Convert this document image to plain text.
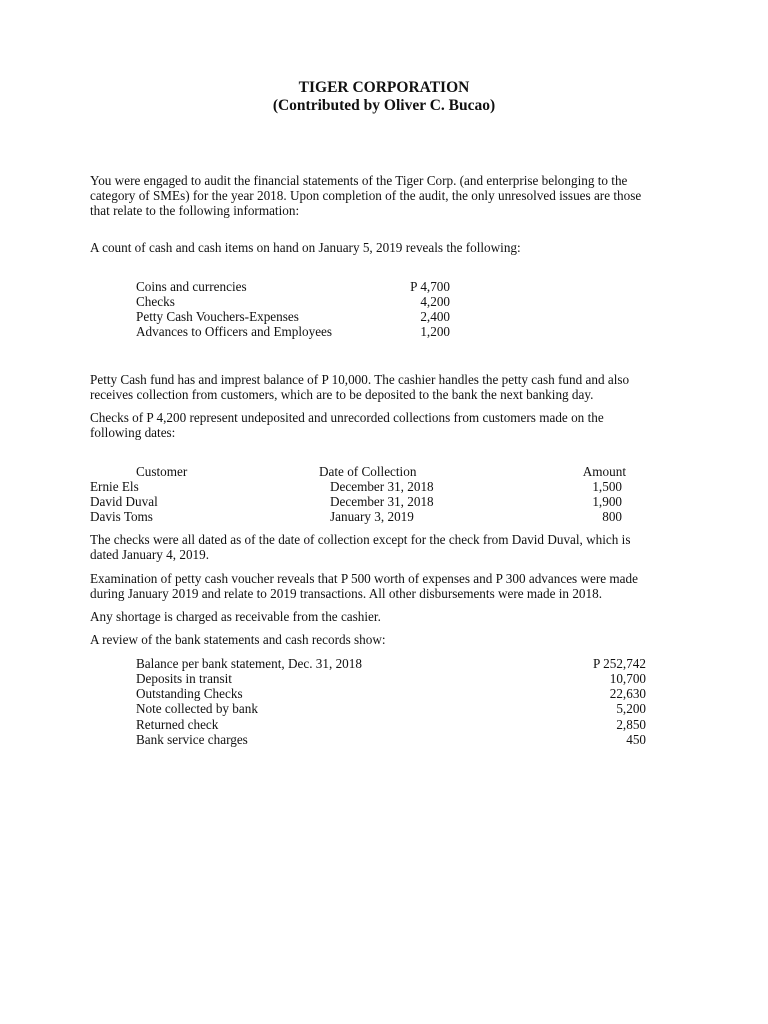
TIGER CORPORATION
(Contributed by Oliver C. Bucao)
You were engaged to audit the financial statements of the Tiger Corp. (and enterprise belonging to the
category of SMEs) for the year 2018. Upon completion of the audit, the only unresolved issues are those
that relate to the following information:
A count of cash and cash items on hand on January 5, 2019 reveals the following:
Coins and currencies	P 4,700
Checks	4,200
Petty Cash Vouchers-Expenses	2,400
Advances to Officers and Employees	1,200
Petty Cash fund has and imprest balance of P 10,000. The cashier handles the petty cash fund and also
receives collection from customers, which are to be deposited to the bank the next banking day.
Checks of P 4,200 represent undeposited and unrecorded collections from customers made on the
following dates:
Customer	Date of Collection	Amount
Ernie Els	December 31, 2018	1,500
David Duval	December 31, 2018	1,900
Davis Toms	January 3, 2019	800
The checks were all dated as of the date of collection except for the check from David Duval, which is
dated January 4, 2019.
Examination of petty cash voucher reveals that P 500 worth of expenses and P 300 advances were made
during January 2019 and relate to 2019 transactions. All other disbursements were made in 2018.
Any shortage is charged as receivable from the cashier.
A review of the bank statements and cash records show:
Balance per bank statement, Dec. 31, 2018	P 252,742
Deposits in transit	10,700
Outstanding Checks	22,630
Note collected by bank	5,200
Returned check	2,850
Bank service charges	450
